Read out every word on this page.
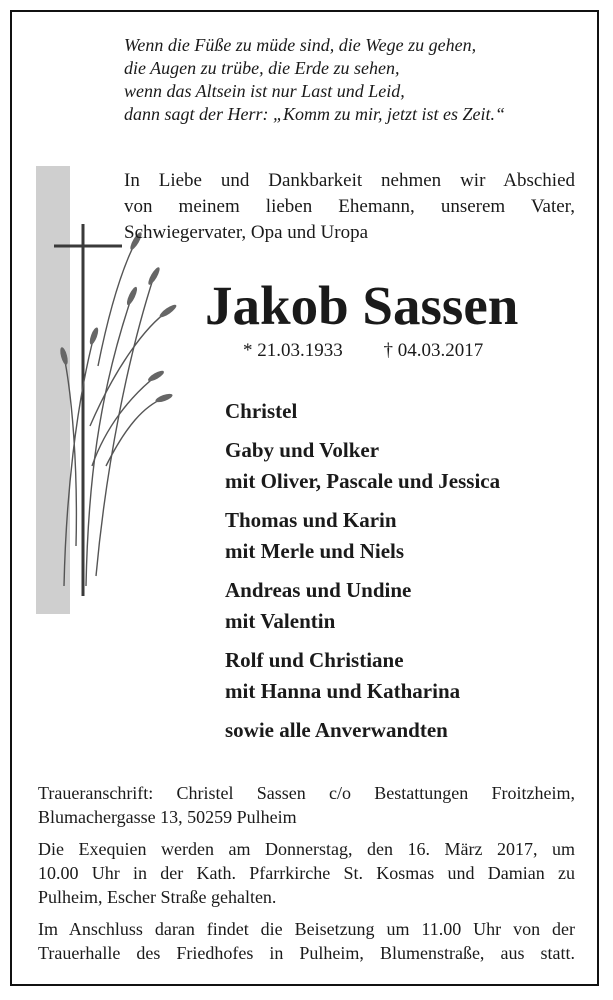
Wenn die Füße zu müde sind, die Wege zu gehen,
die Augen zu trübe, die Erde zu sehen,
wenn das Altsein ist nur Last und Leid,
dann sagt der Herr: „Komm zu mir, jetzt ist es Zeit.“
In Liebe und Dankbarkeit nehmen wir Abschied
von meinem lieben Ehemann, unserem Vater,
Schwiegervater, Opa und Uropa
Jakob Sassen
* 21.03.1933 † 04.03.2017
Christel
Gaby und Volker
mit Oliver, Pascale und Jessica
Thomas und Karin
mit Merle und Niels
Andreas und Undine
mit Valentin
Rolf und Christiane
mit Hanna und Katharina
sowie alle Anverwandten
Traueranschrift: Christel Sassen c/o Bestattungen Froitzheim,
Blumachergasse 13, 50259 Pulheim
Die Exequien werden am Donnerstag, den 16. März 2017, um
10.00 Uhr in der Kath. Pfarrkirche St. Kosmas und Damian zu
Pulheim, Escher Straße gehalten.
Im Anschluss daran findet die Beisetzung um 11.00 Uhr von der
Trauerhalle des Friedhofes in Pulheim, Blumenstraße, aus statt.
